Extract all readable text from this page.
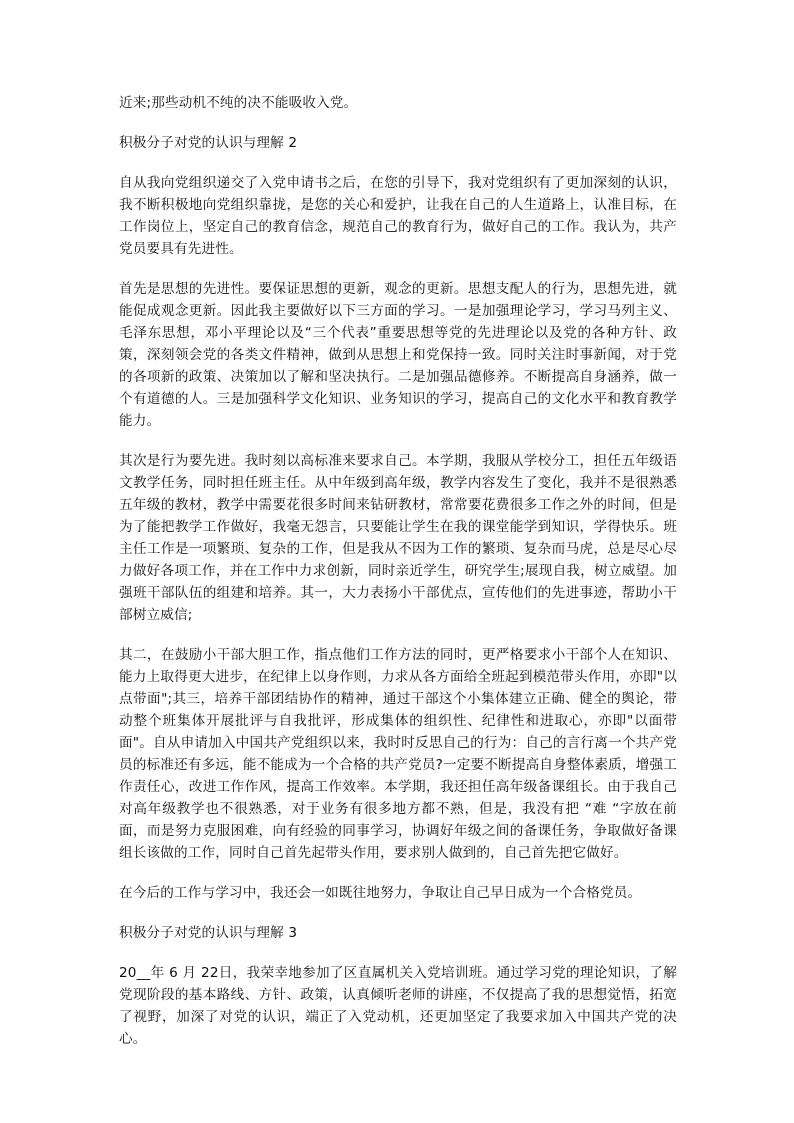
近来;那些动机不纯的决不能吸收入党。

积极分子对党的认识与理解 2

自从我向党组织递交了入党申请书之后，在您的引导下，我对党组织有了更加深刻的认识，我不断积极地向党组织靠拢，是您的关心和爱护，让我在自己的人生道路上，认准目标，在工作岗位上，坚定自己的教育信念，规范自己的教育行为，做好自己的工作。我认为，共产党员要具有先进性。

首先是思想的先进性。要保证思想的更新，观念的更新。思想支配人的行为，思想先进，就能促成观念更新。因此我主要做好以下三方面的学习。一是加强理论学习，学习马列主义、毛泽东思想，邓小平理论以及“三个代表”重要思想等党的先进理论以及党的各种方针、政策，深刻领会党的各类文件精神，做到从思想上和党保持一致。同时关注时事新闻，对于党的各项新的政策、决策加以了解和坚决执行。二是加强品德修养。不断提高自身涵养，做一个有道德的人。三是加强科学文化知识、业务知识的学习，提高自己的文化水平和教育教学能力。

其次是行为要先进。我时刻以高标准来要求自己。本学期，我服从学校分工，担任五年级语文教学任务，同时担任班主任。从中年级到高年级，教学内容发生了变化，我并不是很熟悉五年级的教材，教学中需要花很多时间来钻研教材，常常要花费很多工作之外的时间，但是为了能把教学工作做好，我毫无怨言，只要能让学生在我的课堂能学到知识，学得快乐。班主任工作是一项繁琐、复杂的工作，但是我从不因为工作的繁琐、复杂而马虎，总是尽心尽力做好各项工作，并在工作中力求创新，同时亲近学生，研究学生;展现自我，树立威望。加强班干部队伍的组建和培养。其一，大力表扬小干部优点，宣传他们的先进事迹，帮助小干部树立威信;

其二，在鼓励小干部大胆工作，指点他们工作方法的同时，更严格要求小干部个人在知识、能力上取得更大进步，在纪律上以身作则，力求从各方面给全班起到模范带头作用，亦即"以点带面";其三，培养干部团结协作的精神，通过干部这个小集体建立正确、健全的舆论，带动整个班集体开展批评与自我批评，形成集体的组织性、纪律性和进取心，亦即"以面带面"。自从申请加入中国共产党组织以来，我时时反思自己的行为：自己的言行离一个共产党员的标准还有多远，能不能成为一个合格的共产党员?一定要不断提高自身整体素质，增强工作责任心，改进工作作风，提高工作效率。本学期，我还担任高年级备课组长。由于我自己对高年级教学也不很熟悉，对于业务有很多地方都不熟，但是，我没有把 “难 “字放在前面，而是努力克服困难，向有经验的同事学习，协调好年级之间的备课任务，争取做好备课组长该做的工作，同时自己首先起带头作用，要求别人做到的，自己首先把它做好。

在今后的工作与学习中，我还会一如既往地努力，争取让自己早日成为一个合格党员。

积极分子对党的认识与理解 3

20__年 6 月 22日，我荣幸地参加了区直属机关入党培训班。通过学习党的理论知识，了解党现阶段的基本路线、方针、政策，认真倾听老师的讲座，不仅提高了我的思想觉悟，拓宽了视野，加深了对党的认识，端正了入党动机，还更加坚定了我要求加入中国共产党的决心。
